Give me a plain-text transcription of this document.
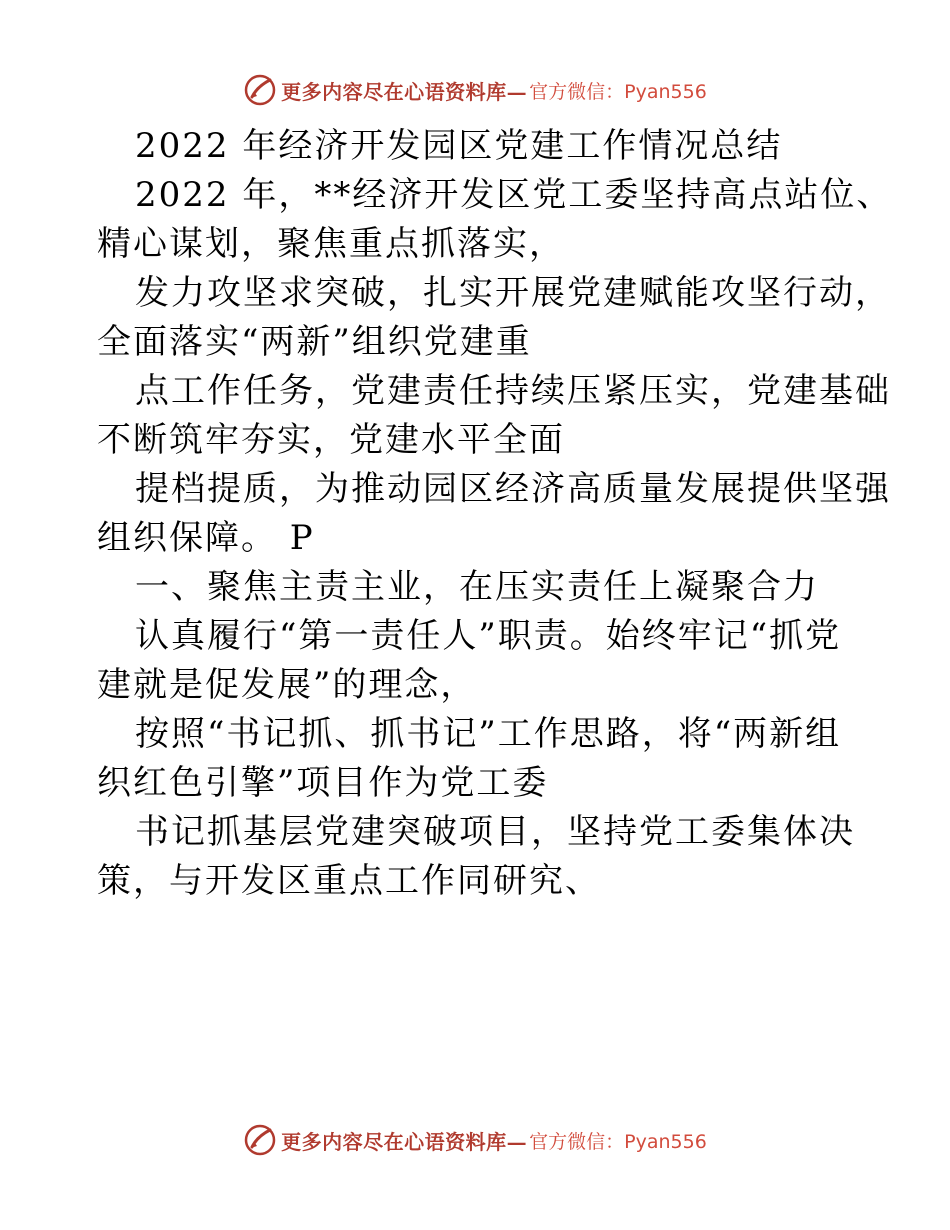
更多内容尽在心语资料库— 官方微信：Pyan556
2022 年经济开发园区党建工作情况总结
2022 年，**经济开发区党工委坚持高点站位、
精心谋划，聚焦重点抓落实，
发力攻坚求突破，扎实开展党建赋能攻坚行动，
全面落实“两新”组织党建重
点工作任务，党建责任持续压紧压实，党建基础
不断筑牢夯实，党建水平全面
提档提质，为推动园区经济高质量发展提供坚强
组织保障。 P
一、聚焦主责主业，在压实责任上凝聚合力
认真履行“第一责任人”职责。始终牢记“抓党
建就是促发展”的理念，
按照“书记抓、抓书记”工作思路，将“两新组
织红色引擎”项目作为党工委
书记抓基层党建突破项目，坚持党工委集体决
策，与开发区重点工作同研究、
更多内容尽在心语资料库— 官方微信：Pyan556
